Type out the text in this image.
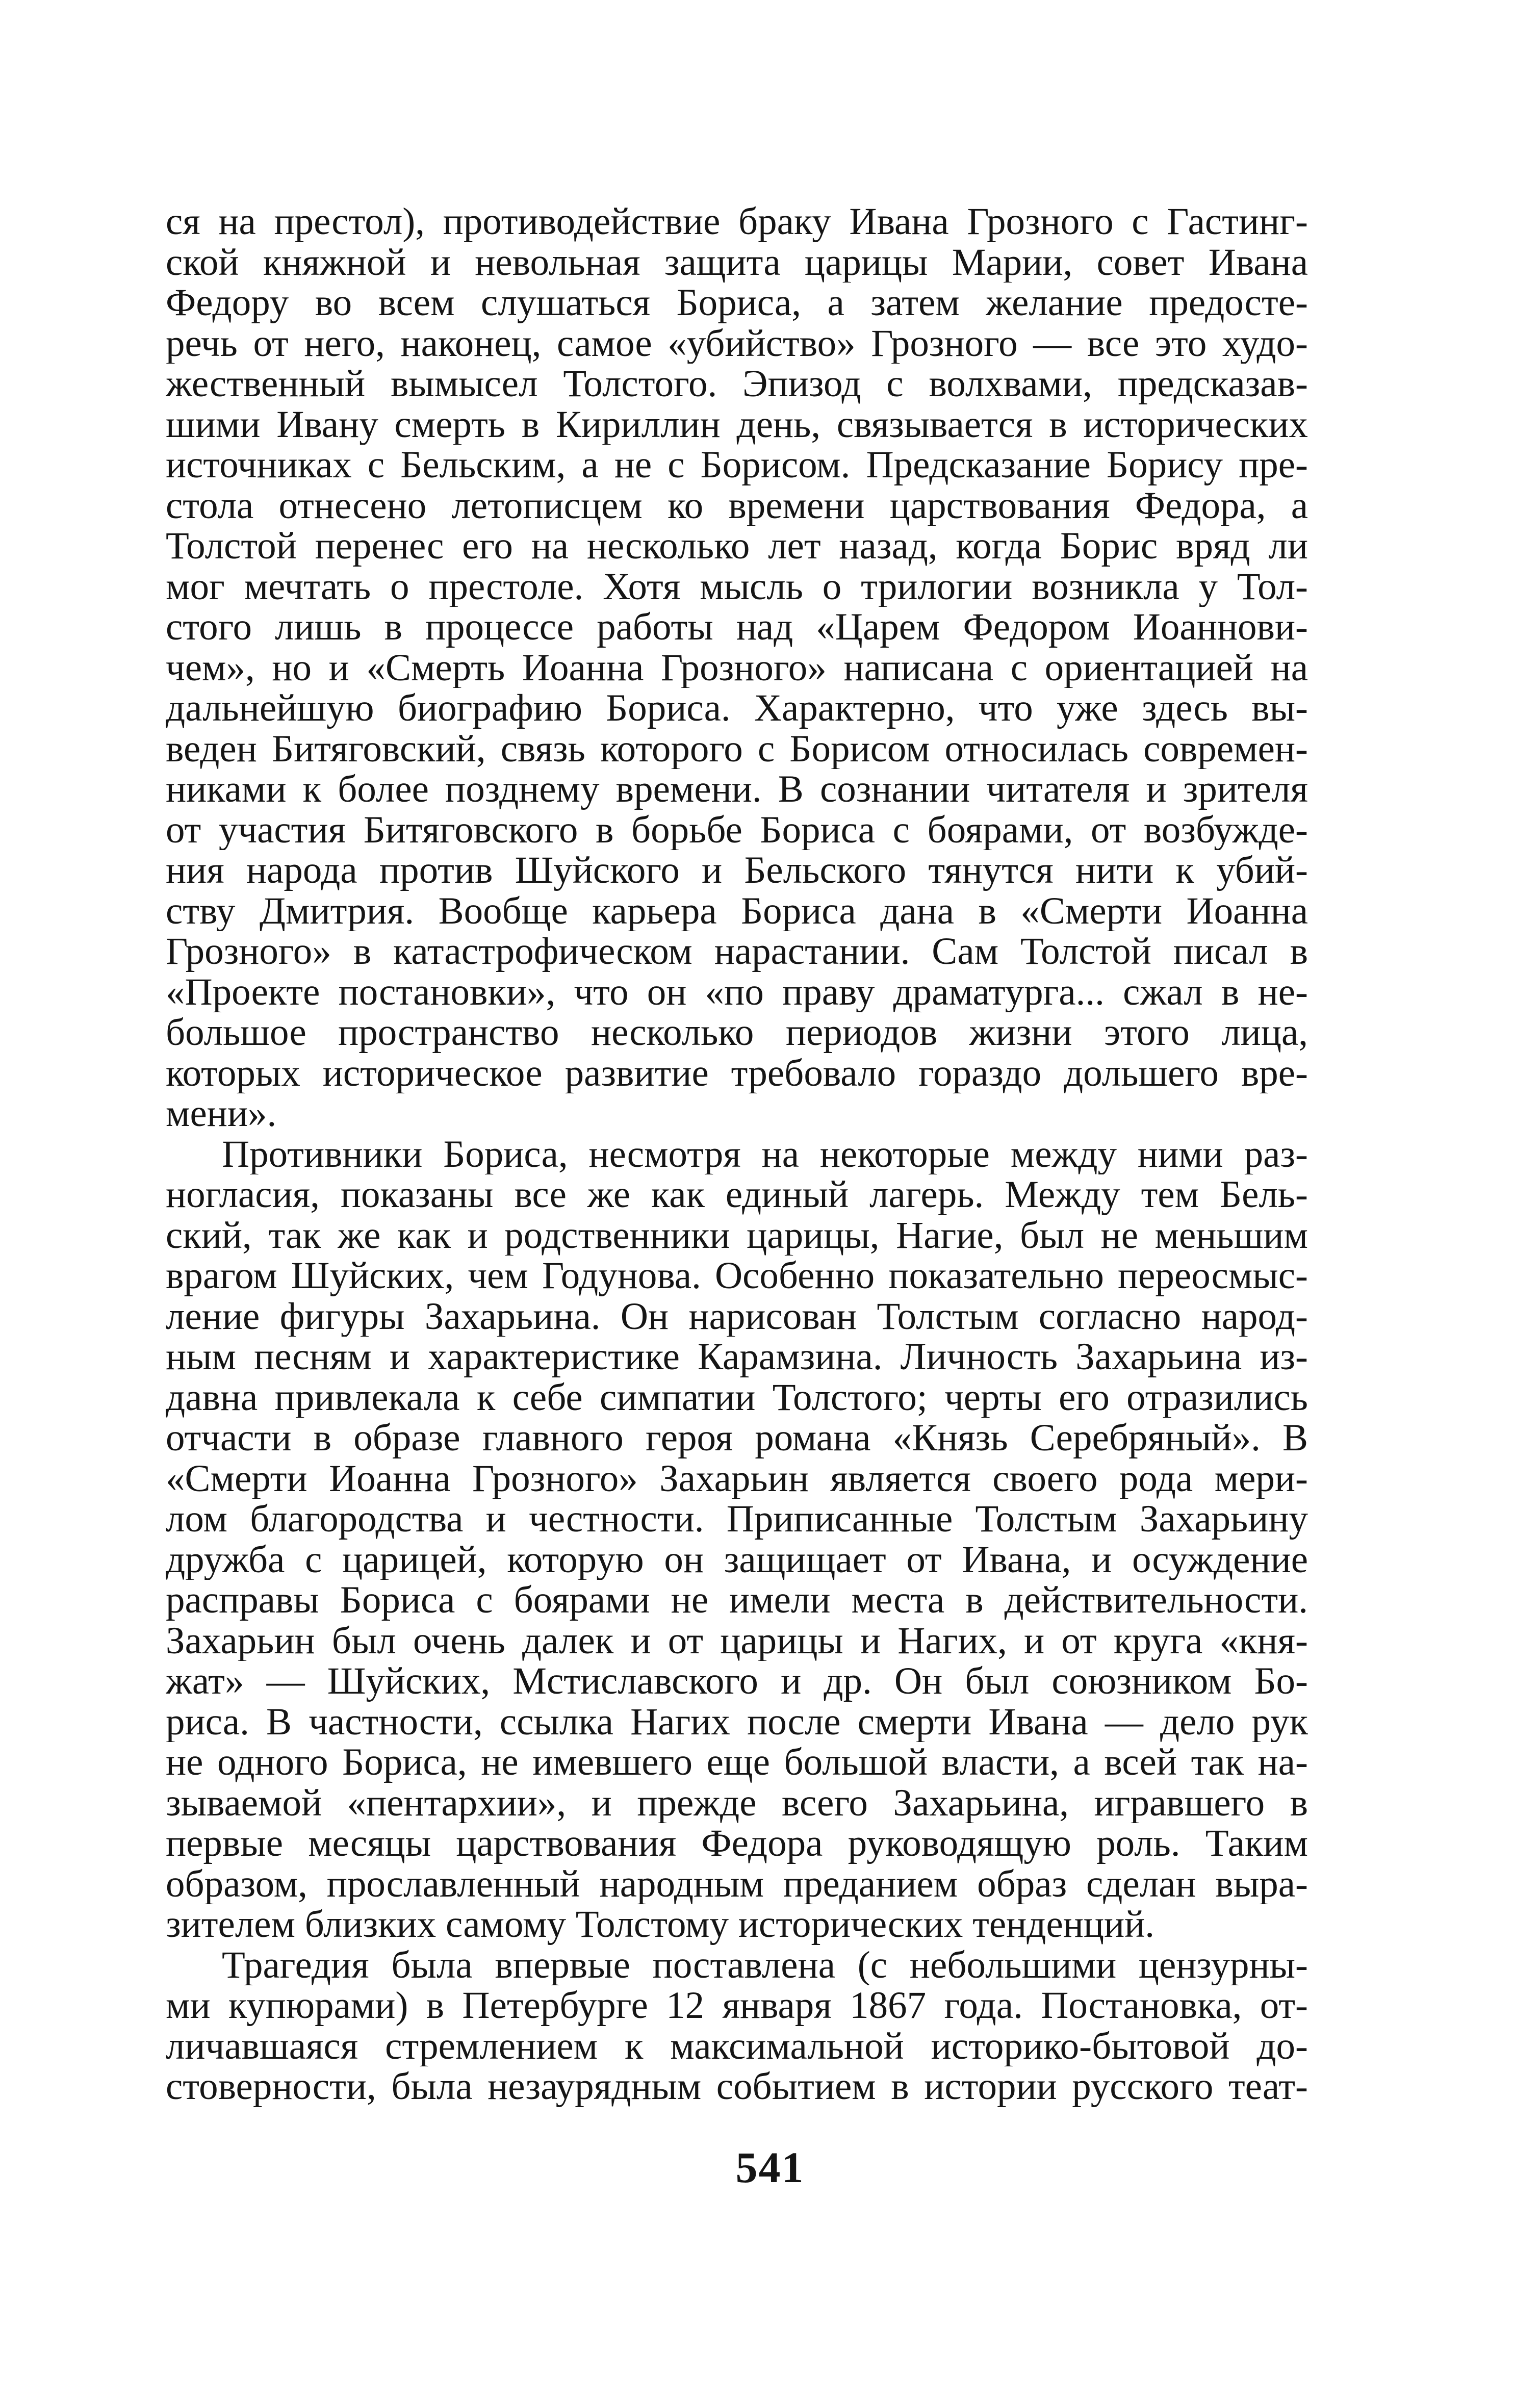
ся на престол), противодействие браку Ивана Грозного с Гастинг-
ской княжной и невольная защита царицы Марии, совет Ивана
Федору во всем слушаться Бориса, а затем желание предосте-
речь от него, наконец, самое «убийство» Грозного — все это худо-
жественный вымысел Толстого. Эпизод с волхвами, предсказав-
шими Ивану смерть в Кириллин день, связывается в исторических
источниках с Бельским, а не с Борисом. Предсказание Борису пре-
стола отнесено летописцем ко времени царствования Федора, а
Толстой перенес его на несколько лет назад, когда Борис вряд ли
мог мечтать о престоле. Хотя мысль о трилогии возникла у Тол-
стого лишь в процессе работы над «Царем Федором Иоаннови-
чем», но и «Смерть Иоанна Грозного» написана с ориентацией на
дальнейшую биографию Бориса. Характерно, что уже здесь вы-
веден Битяговский, связь которого с Борисом относилась современ-
никами к более позднему времени. В сознании читателя и зрителя
от участия Битяговского в борьбе Бориса с боярами, от возбужде-
ния народа против Шуйского и Бельского тянутся нити к убий-
ству Дмитрия. Вообще карьера Бориса дана в «Смерти Иоанна
Грозного» в катастрофическом нарастании. Сам Толстой писал в
«Проекте постановки», что он «по праву драматурга... сжал в не-
большое пространство несколько периодов жизни этого лица,
которых историческое развитие требовало гораздо дольшего вре-
мени».
Противники Бориса, несмотря на некоторые между ними раз-
ногласия, показаны все же как единый лагерь. Между тем Бель-
ский, так же как и родственники царицы, Нагие, был не меньшим
врагом Шуйских, чем Годунова. Особенно показательно переосмыс-
ление фигуры Захарьина. Он нарисован Толстым согласно народ-
ным песням и характеристике Карамзина. Личность Захарьина из-
давна привлекала к себе симпатии Толстого; черты его отразились
отчасти в образе главного героя романа «Князь Серебряный». В
«Смерти Иоанна Грозного» Захарьин является своего рода мери-
лом благородства и честности. Приписанные Толстым Захарьину
дружба с царицей, которую он защищает от Ивана, и осуждение
расправы Бориса с боярами не имели места в действительности.
Захарьин был очень далек и от царицы и Нагих, и от круга «кня-
жат» — Шуйских, Мстиславского и др. Он был союзником Бо-
риса. В частности, ссылка Нагих после смерти Ивана — дело рук
не одного Бориса, не имевшего еще большой власти, а всей так на-
зываемой «пентархии», и прежде всего Захарьина, игравшего в
первые месяцы царствования Федора руководящую роль. Таким
образом, прославленный народным преданием образ сделан выра-
зителем близких самому Толстому исторических тенденций.
Трагедия была впервые поставлена (с небольшими цензурны-
ми купюрами) в Петербурге 12 января 1867 года. Постановка, от-
личавшаяся стремлением к максимальной историко-бытовой до-
стоверности, была незаурядным событием в истории русского теат-
541
